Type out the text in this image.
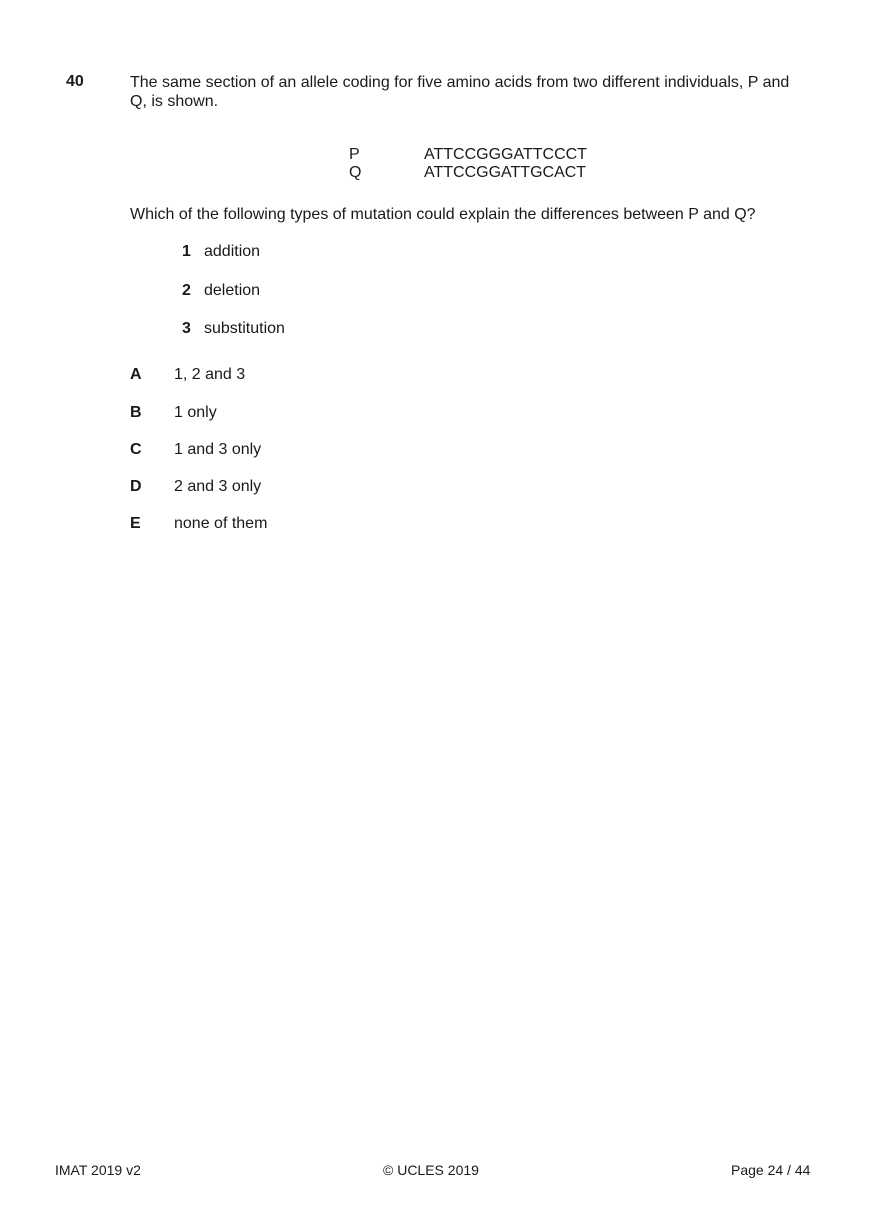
40	The same section of an allele coding for five amino acids from two different individuals, P and Q, is shown.
P	ATTCCGGGATTCCCT
Q	ATTCCGGATTGCACT
Which of the following types of mutation could explain the differences between P and Q?
1 addition
2 deletion
3 substitution
A 1, 2 and 3
B 1 only
C 1 and 3 only
D 2 and 3 only
E none of them
IMAT 2019 v2	© UCLES 2019	Page 24 / 44
